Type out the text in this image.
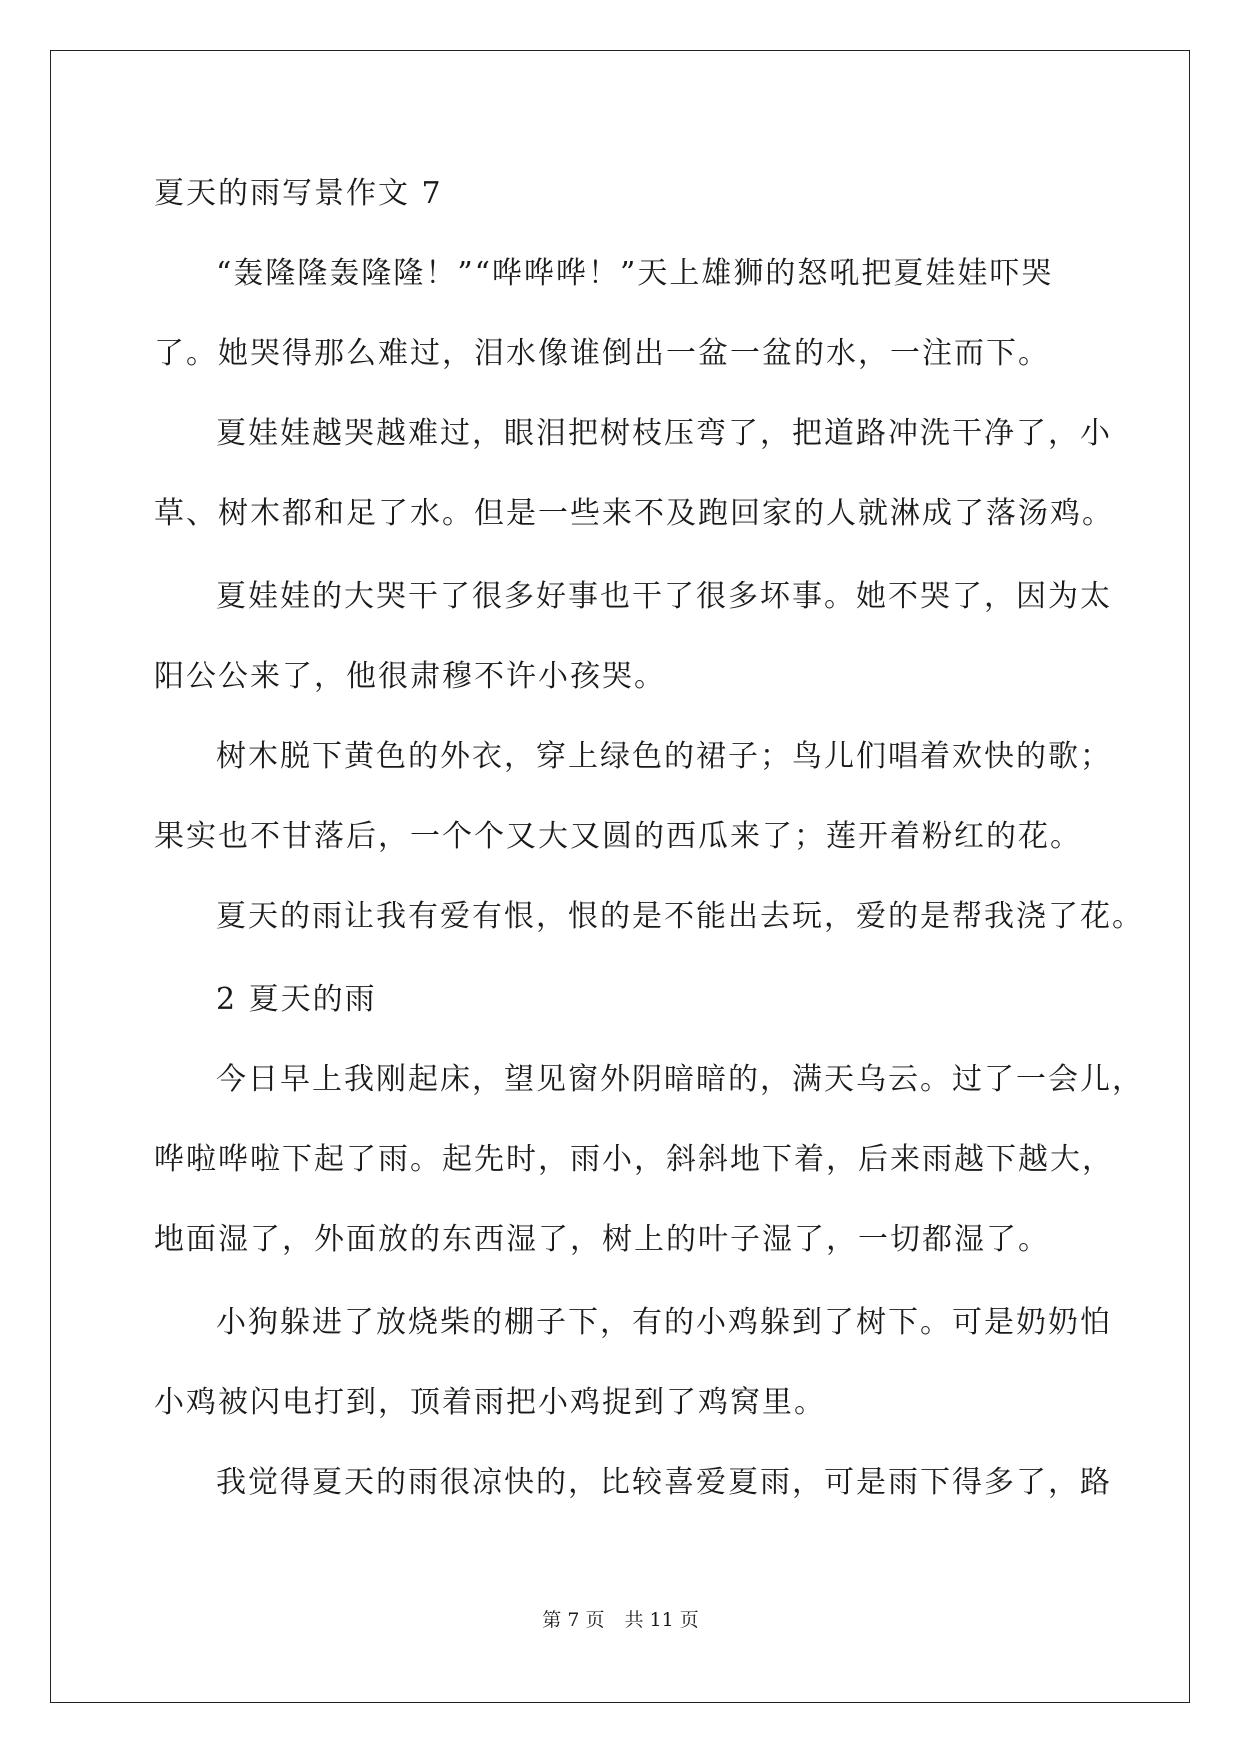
夏天的雨写景作文 7
“轰隆隆轰隆隆！”“哗哗哗！”天上雄狮的怒吼把夏娃娃吓哭
了。她哭得那么难过，泪水像谁倒出一盆一盆的水，一注而下。
夏娃娃越哭越难过，眼泪把树枝压弯了，把道路冲洗干净了，小
草、树木都和足了水。但是一些来不及跑回家的人就淋成了落汤鸡。
夏娃娃的大哭干了很多好事也干了很多坏事。她不哭了，因为太
阳公公来了，他很肃穆不许小孩哭。
树木脱下黄色的外衣，穿上绿色的裙子；鸟儿们唱着欢快的歌；
果实也不甘落后，一个个又大又圆的西瓜来了；莲开着粉红的花。
夏天的雨让我有爱有恨，恨的是不能出去玩，爱的是帮我浇了花。
2 夏天的雨
今日早上我刚起床，望见窗外阴暗暗的，满天乌云。过了一会儿，
哗啦哗啦下起了雨。起先时，雨小，斜斜地下着，后来雨越下越大，
地面湿了，外面放的东西湿了，树上的叶子湿了，一切都湿了。
小狗躲进了放烧柴的棚子下，有的小鸡躲到了树下。可是奶奶怕
小鸡被闪电打到，顶着雨把小鸡捉到了鸡窝里。
我觉得夏天的雨很凉快的，比较喜爱夏雨，可是雨下得多了，路
第 7 页 共 11 页
